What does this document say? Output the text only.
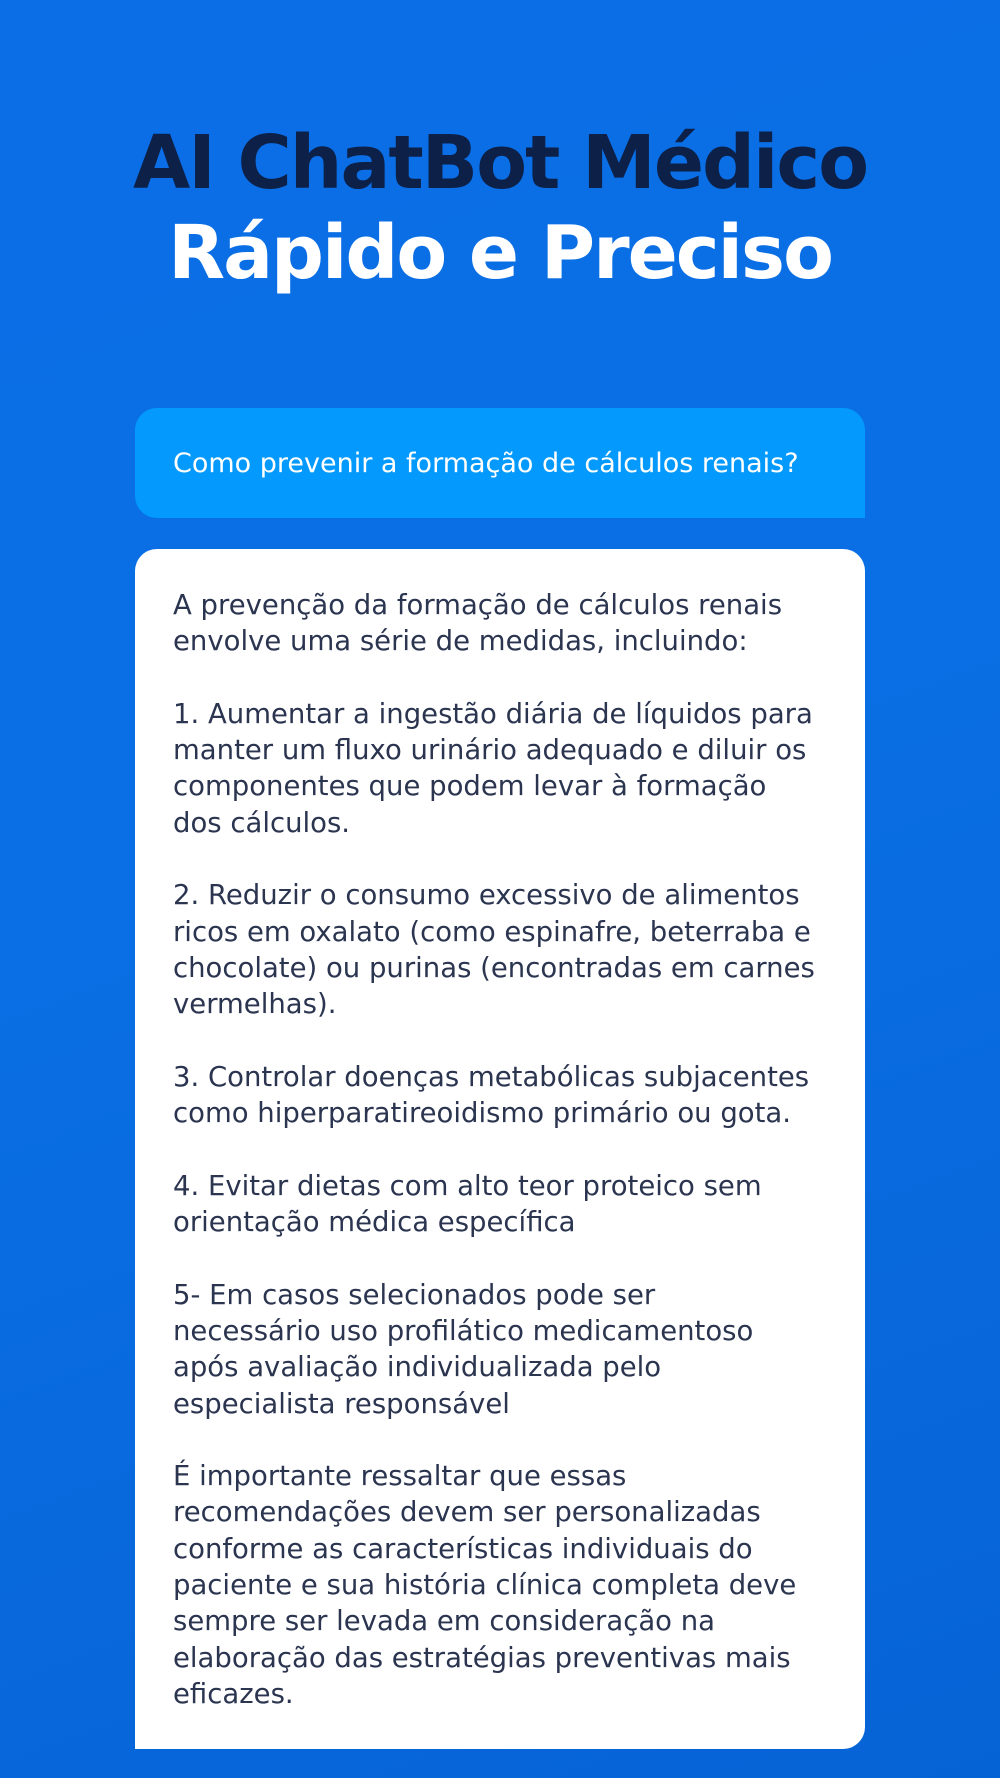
AI ChatBot Médico
Rápido e Preciso
Como prevenir a formação de cálculos renais?

A prevenção da formação de cálculos renais
envolve uma série de medidas, incluindo:

1. Aumentar a ingestão diária de líquidos para
manter um fluxo urinário adequado e diluir os
componentes que podem levar à formação
dos cálculos.

2. Reduzir o consumo excessivo de alimentos
ricos em oxalato (como espinafre, beterraba e
chocolate) ou purinas (encontradas em carnes
vermelhas).

3. Controlar doenças metabólicas subjacentes
como hiperparatireoidismo primário ou gota.

4. Evitar dietas com alto teor proteico sem
orientação médica específica

5- Em casos selecionados pode ser
necessário uso profilático medicamentoso
após avaliação individualizada pelo
especialista responsável

É importante ressaltar que essas
recomendações devem ser personalizadas
conforme as características individuais do
paciente e sua história clínica completa deve
sempre ser levada em consideração na
elaboração das estratégias preventivas mais
eficazes.
